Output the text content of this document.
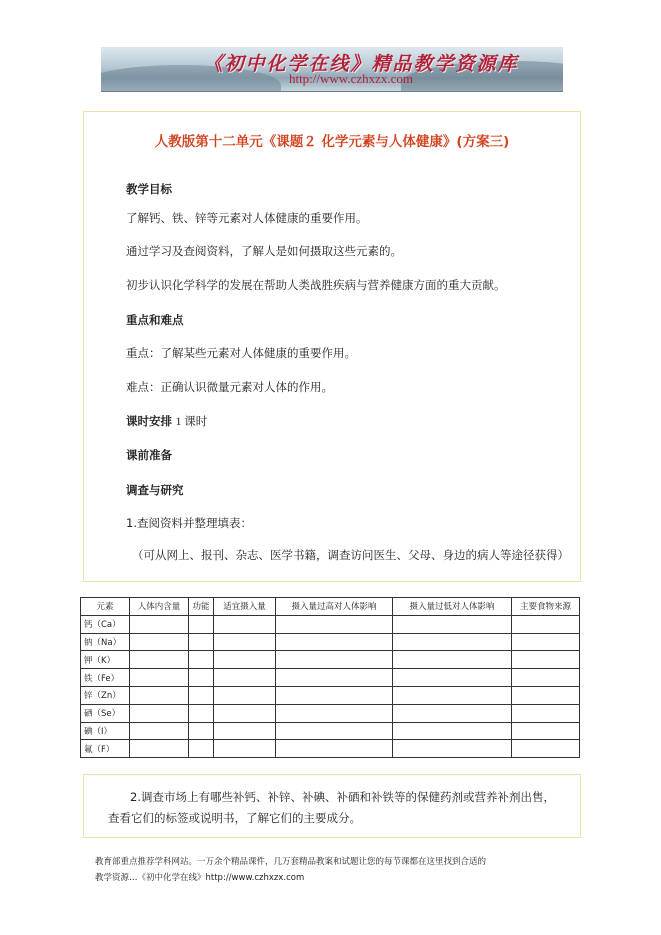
《初中化学在线》精品教学资源库
http://www.czhxzx.com
人教版第十二单元《课题２ 化学元素与人体健康》(方案三)
教学目标
了解钙、铁、锌等元素对人体健康的重要作用。
通过学习及查阅资料，了解人是如何摄取这些元素的。
初步认识化学科学的发展在帮助人类战胜疾病与营养健康方面的重大贡献。
重点和难点
重点：了解某些元素对人体健康的重要作用。
难点：正确认识微量元素对人体的作用。
课时安排 1 课时
课前准备
调查与研究
1.查阅资料并整理填表：
（可从网上、报刊、杂志、医学书籍，调查访问医生、父母、身边的病人等途径获得）
元素	人体内含量	功能	适宜摄入量	摄入量过高对人体影响	摄入量过低对人体影响	主要食物来源
钙（Ca）						
钠（Na）						
钾（K）						
铁（Fe）						
锌（Zn）						
硒（Se）						
碘（I）						
氟（F）						
2.调查市场上有哪些补钙、补锌、补碘、补硒和补铁等的保健药剂或营养补剂出售，
查看它们的标签或说明书，了解它们的主要成分。
教育部重点推荐学科网站。一万余个精品课件，几万套精品教案和试题让您的每节课都在这里找到合适的
教学资源…《初中化学在线》http://www.czhxzx.com
